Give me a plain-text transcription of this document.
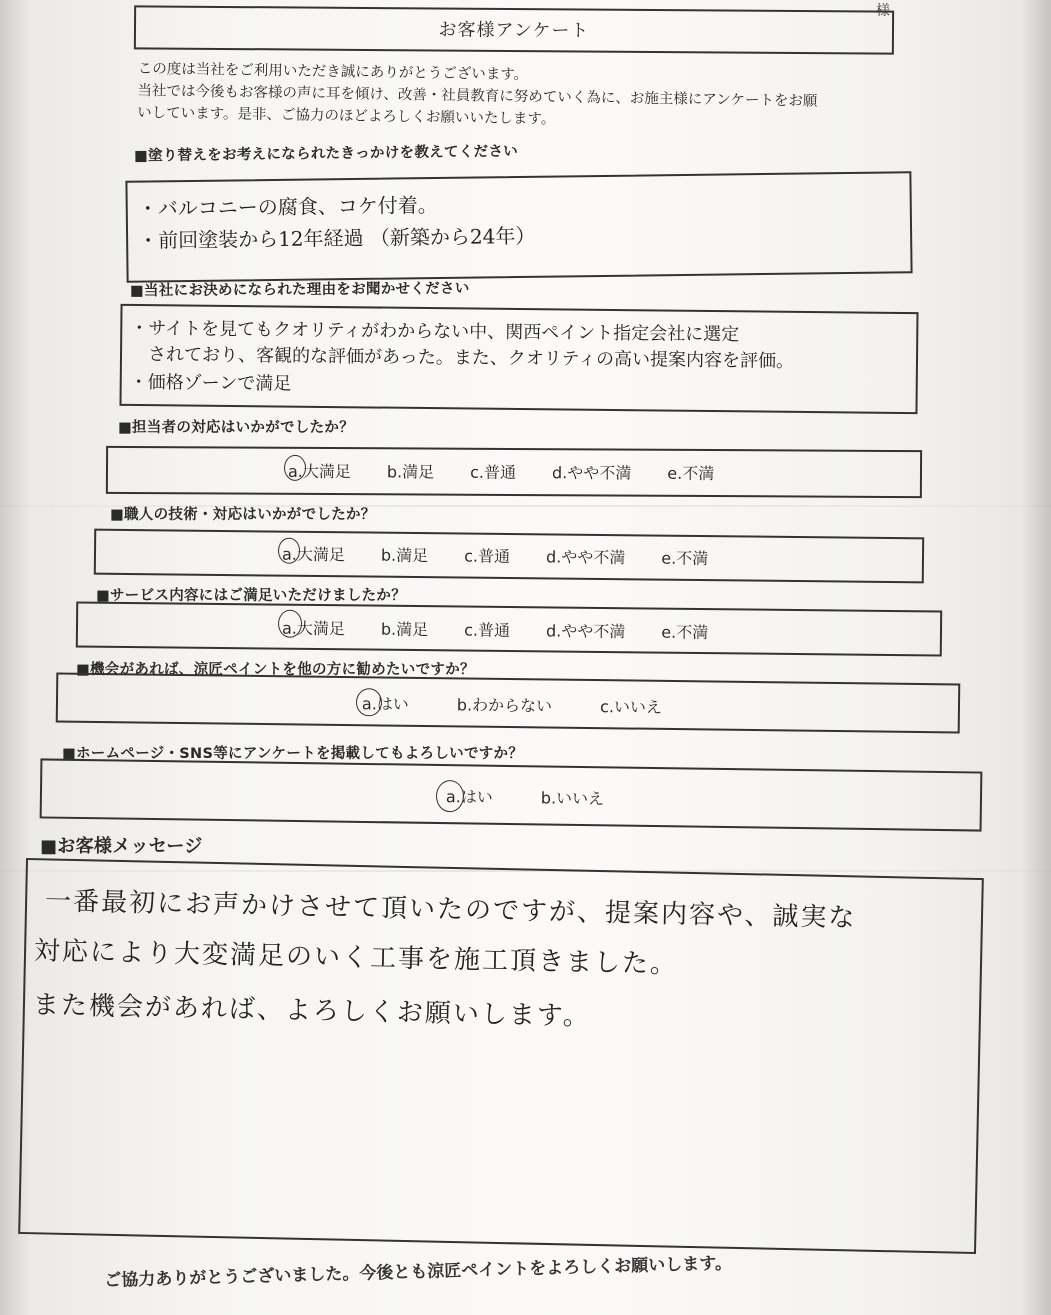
様
お客様アンケート
この度は当社をご利用いただき誠にありがとうございます。
当社では今後もお客様の声に耳を傾け、改善・社員教育に努めていく為に、お施主様にアンケートをお願
いしています。是非、ご協力のほどよろしくお願いいたします。
■塗り替えをお考えになられたきっかけを教えてください
・バルコニーの腐食、コケ付着。
・前回塗装から12年経過 （新築から24年）
■当社にお決めになられた理由をお聞かせください
・サイトを見てもクオリティがわからない中、関西ペイント指定会社に選定
　されており、客観的な評価があった。また、クオリティの高い提案内容を評価。
・価格ゾーンで満足
■担当者の対応はいかがでしたか？
a.大満足 b.満足 c.普通 d.やや不満 e.不満
■職人の技術・対応はいかがでしたか？
a.大満足 b.満足 c.普通 d.やや不満 e.不満
■サービス内容にはご満足いただけましたか？
a.大満足 b.満足 c.普通 d.やや不満 e.不満
■機会があれば、涼匠ペイントを他の方に勧めたいですか？
a.はい	b.わからない	c.いいえ
■ホームページ・SNS等にアンケートを掲載してもよろしいですか？
a.はい	b.いいえ
■お客様メッセージ
一番最初にお声かけさせて頂いたのですが、提案内容や、誠実な
対応により大変満足のいく工事を施工頂きました。
また機会があれば、よろしくお願いします。
ご協力ありがとうございました。今後とも涼匠ペイントをよろしくお願いします。
